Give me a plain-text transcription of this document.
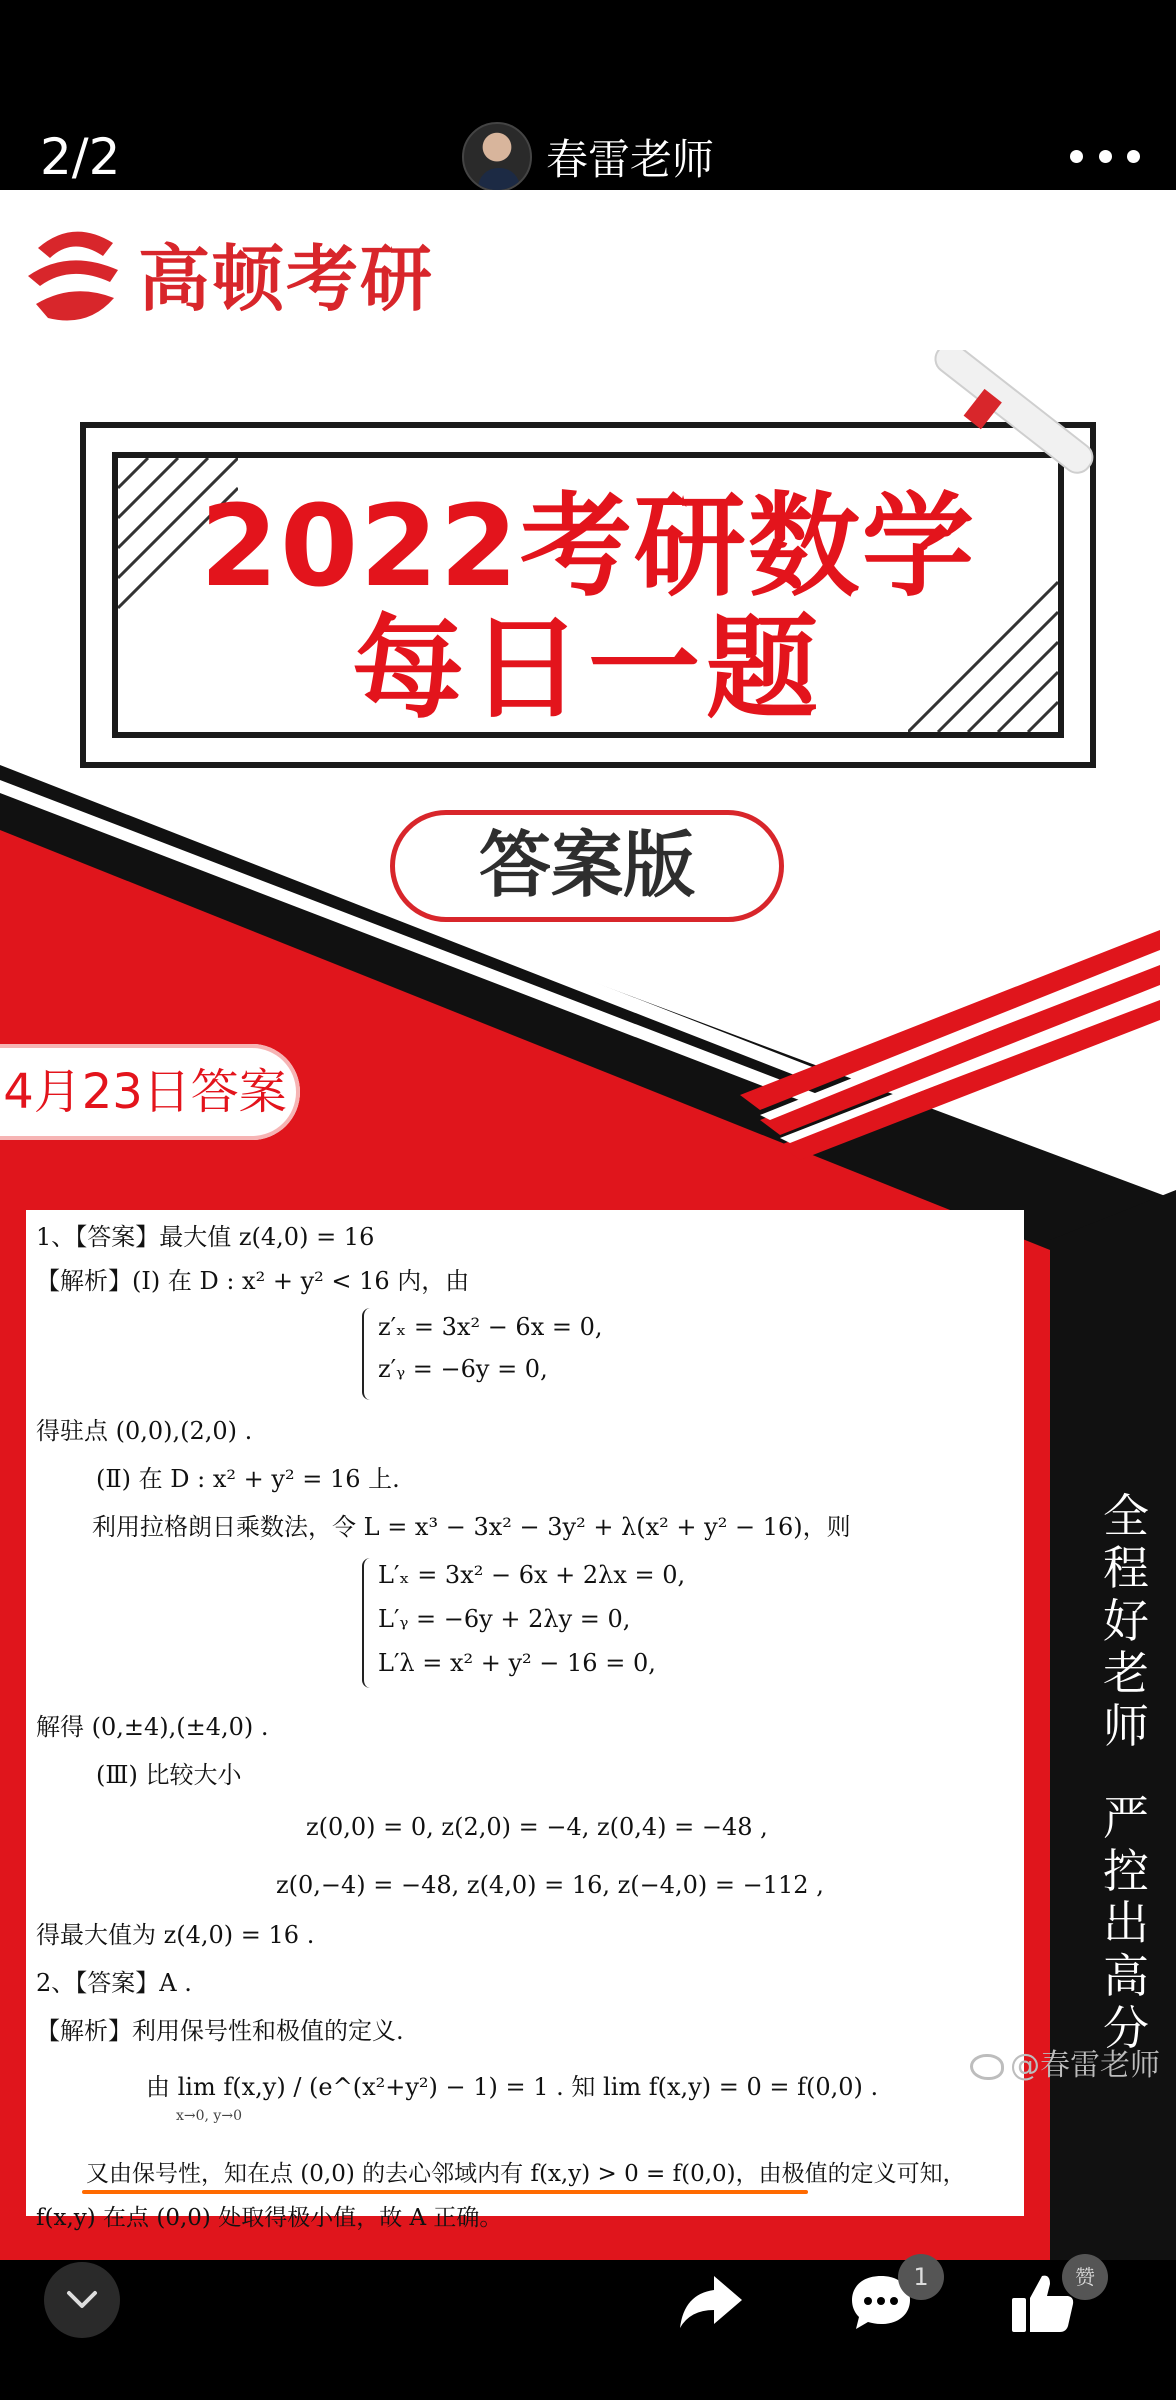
2/2	春雷老师
高顿考研
2022考研数学
每日一题
答案版
4月23日答案
1、【答案】最大值 z(4,0) = 16
【解析】(Ⅰ) 在 D : x² + y² < 16 内，由
z′ₓ = 3x² − 6x = 0,
z′ᵧ = −6y = 0,
得驻点 (0,0),(2,0) .
(Ⅱ) 在 D : x² + y² = 16 上.
利用拉格朗日乘数法，令 L = x³ − 3x² − 3y² + λ(x² + y² − 16)，则
L′ₓ = 3x² − 6x + 2λx = 0,
L′ᵧ = −6y + 2λy = 0,
L′λ = x² + y² − 16 = 0,
解得 (0,±4),(±4,0) .
(Ⅲ) 比较大小
z(0,0) = 0, z(2,0) = −4, z(0,4) = −48 ,
z(0,−4) = −48, z(4,0) = 16, z(−4,0) = −112 ,
得最大值为 z(4,0) = 16 .
2、【答案】A .
【解析】利用保号性和极值的定义.
由 lim f(x,y) / (e^(x²+y²) − 1) = 1 . 知 lim f(x,y) = 0 = f(0,0) .
x→0, y→0
又由保号性，知在点 (0,0) 的去心邻域内有 f(x,y) > 0 = f(0,0)，由极值的定义可知，
f(x,y) 在点 (0,0) 处取得极小值，故 A 正确。
全
程
好
老
师
严
控
出
高
分
@春雷老师
1	赞
